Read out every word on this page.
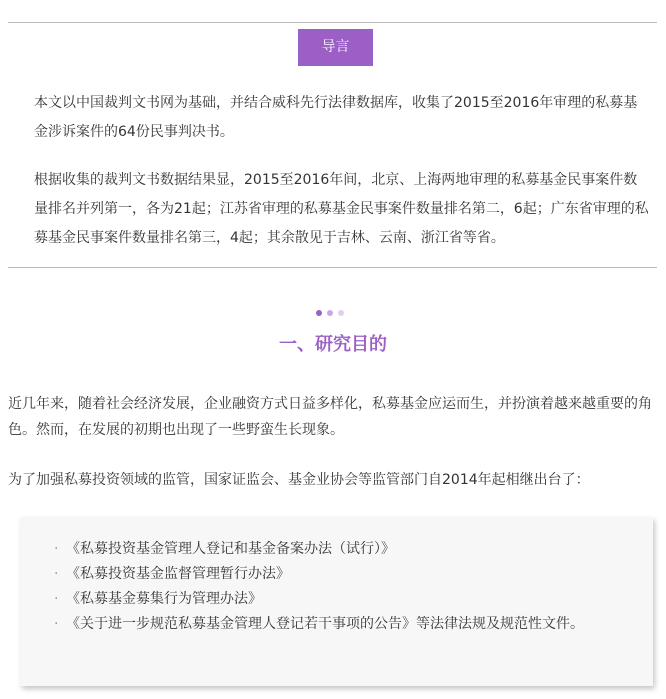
导言

本文以中国裁判文书网为基础，并结合威科先行法律数据库，收集了2015至2016年审理的私募基金涉诉案件的64份民事判决书。

根据收集的裁判文书数据结果显，2015至2016年间，北京、上海两地审理的私募基金民事案件数量排名并列第一，各为21起；江苏省审理的私募基金民事案件数量排名第二，6起；广东省审理的私募基金民事案件数量排名第三，4起；其余散见于吉林、云南、浙江省等省。

一、研究目的

近几年来，随着社会经济发展，企业融资方式日益多样化，私募基金应运而生，并扮演着越来越重要的角色。然而，在发展的初期也出现了一些野蛮生长现象。

为了加强私募投资领域的监管，国家证监会、基金业协会等监管部门自2014年起相继出台了：

· 《私募投资基金管理人登记和基金备案办法（试行）》
· 《私募投资基金监督管理暂行办法》
· 《私募基金募集行为管理办法》
· 《关于进一步规范私募基金管理人登记若干事项的公告》等法律法规及规范性文件。
